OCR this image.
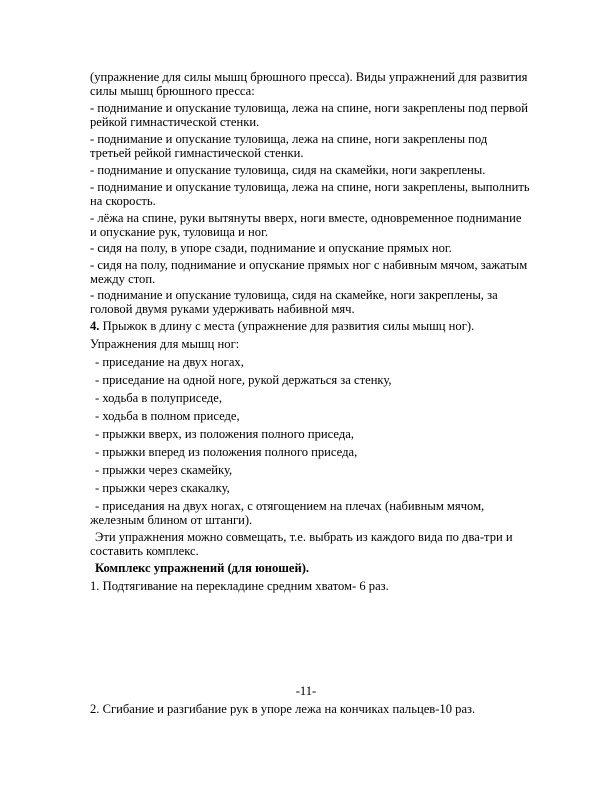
(упражнение для силы мышц брюшного пресса). Виды упражнений для развития силы мышц брюшного пресса:

- поднимание и опускание туловища, лежа на спине, ноги закреплены под первой рейкой гимнастической стенки.

- поднимание и опускание туловища, лежа на спине, ноги закреплены под третьей рейкой гимнастической стенки.

- поднимание и опускание туловища, сидя на скамейки, ноги закреплены.

- поднимание и опускание туловища, лежа на спине, ноги закреплены, выполнить на скорость.

- лёжа на спине, руки вытянуты вверх, ноги вместе, одновременное поднимание и опускание рук, туловища и ног.

- сидя на полу, в упоре сзади, поднимание и опускание прямых ног.

- сидя на полу, поднимание и опускание прямых ног с набивным мячом, зажатым между стоп.

- поднимание и опускание туловища, сидя на скамейке, ноги закреплены, за головой двумя руками удерживать набивной мяч.

4. Прыжок в длину с места (упражнение для развития силы мышц ног).

Упражнения для мышц ног:

- приседание на двух ногах,

- приседание на одной ноге, рукой держаться за стенку,

- ходьба в полуприседе,

- ходьба в полном приседе,

- прыжки вверх, из положения полного приседа,

- прыжки вперед из положения полного приседа,

- прыжки через скамейку,

- прыжки через скакалку,

- приседания на двух ногах, с отягощением на плечах (набивным мячом, железным блином от штанги).

Эти упражнения можно совмещать, т.е. выбрать из каждого вида по два-три и составить комплекс.

Комплекс упражнений (для юношей).

1. Подтягивание на перекладине средним хватом- 6 раз.

-11-

2. Сгибание и разгибание рук в упоре лежа на кончиках пальцев-10 раз.
